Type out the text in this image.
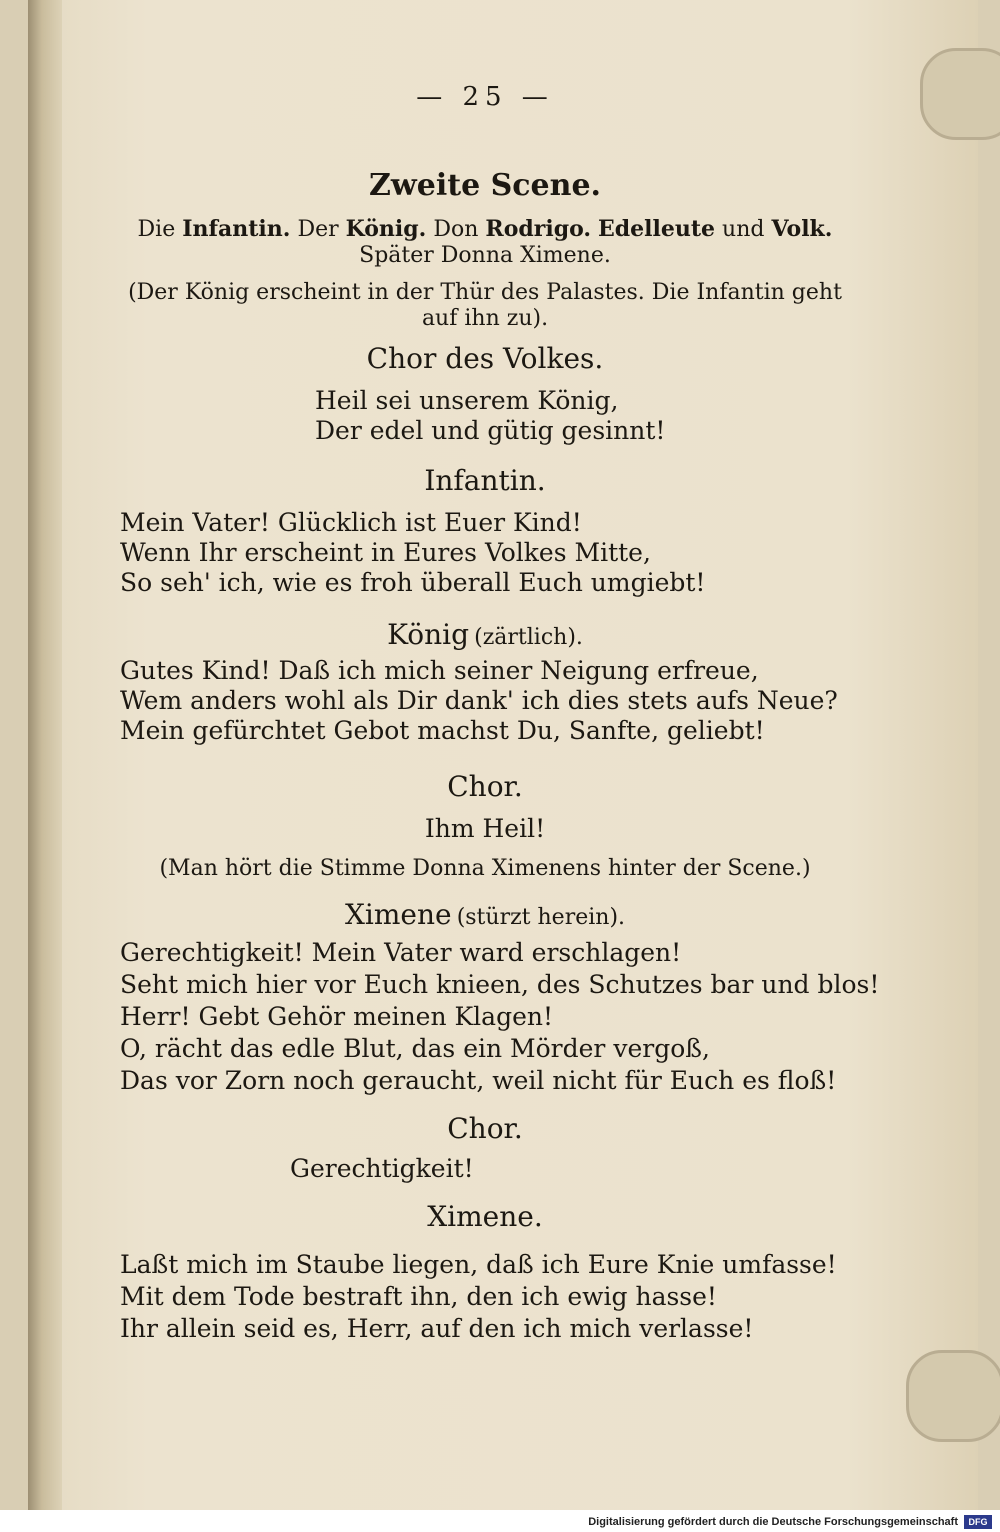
— 25 —
Zweite Scene.
Die Infantin. Der König. Don Rodrigo. Edelleute und Volk.
Später Donna Ximene.
(Der König erscheint in der Thür des Palastes. Die Infantin geht
auf ihn zu).
Chor des Volkes.
Heil sei unserem König,
Der edel und gütig gesinnt!
Infantin.
Mein Vater! Glücklich ist Euer Kind!
Wenn Ihr erscheint in Eures Volkes Mitte,
So seh' ich, wie es froh überall Euch umgiebt!
König (zärtlich).
Gutes Kind! Daß ich mich seiner Neigung erfreue,
Wem anders wohl als Dir dank' ich dies stets aufs Neue?
Mein gefürchtet Gebot machst Du, Sanfte, geliebt!
Chor.
Ihm Heil!
(Man hört die Stimme Donna Ximenens hinter der Scene.)
Ximene (stürzt herein).
Gerechtigkeit! Mein Vater ward erschlagen!
Seht mich hier vor Euch knieen, des Schutzes bar und blos!
Herr! Gebt Gehör meinen Klagen!
O, rächt das edle Blut, das ein Mörder vergoß,
Das vor Zorn noch geraucht, weil nicht für Euch es floß!
Chor.
Gerechtigkeit!
Ximene.
Laßt mich im Staube liegen, daß ich Eure Knie umfasse!
Mit dem Tode bestraft ihn, den ich ewig hasse!
Ihr allein seid es, Herr, auf den ich mich verlasse!
Digitalisierung gefördert durch die Deutsche Forschungsgemeinschaft	DFG
